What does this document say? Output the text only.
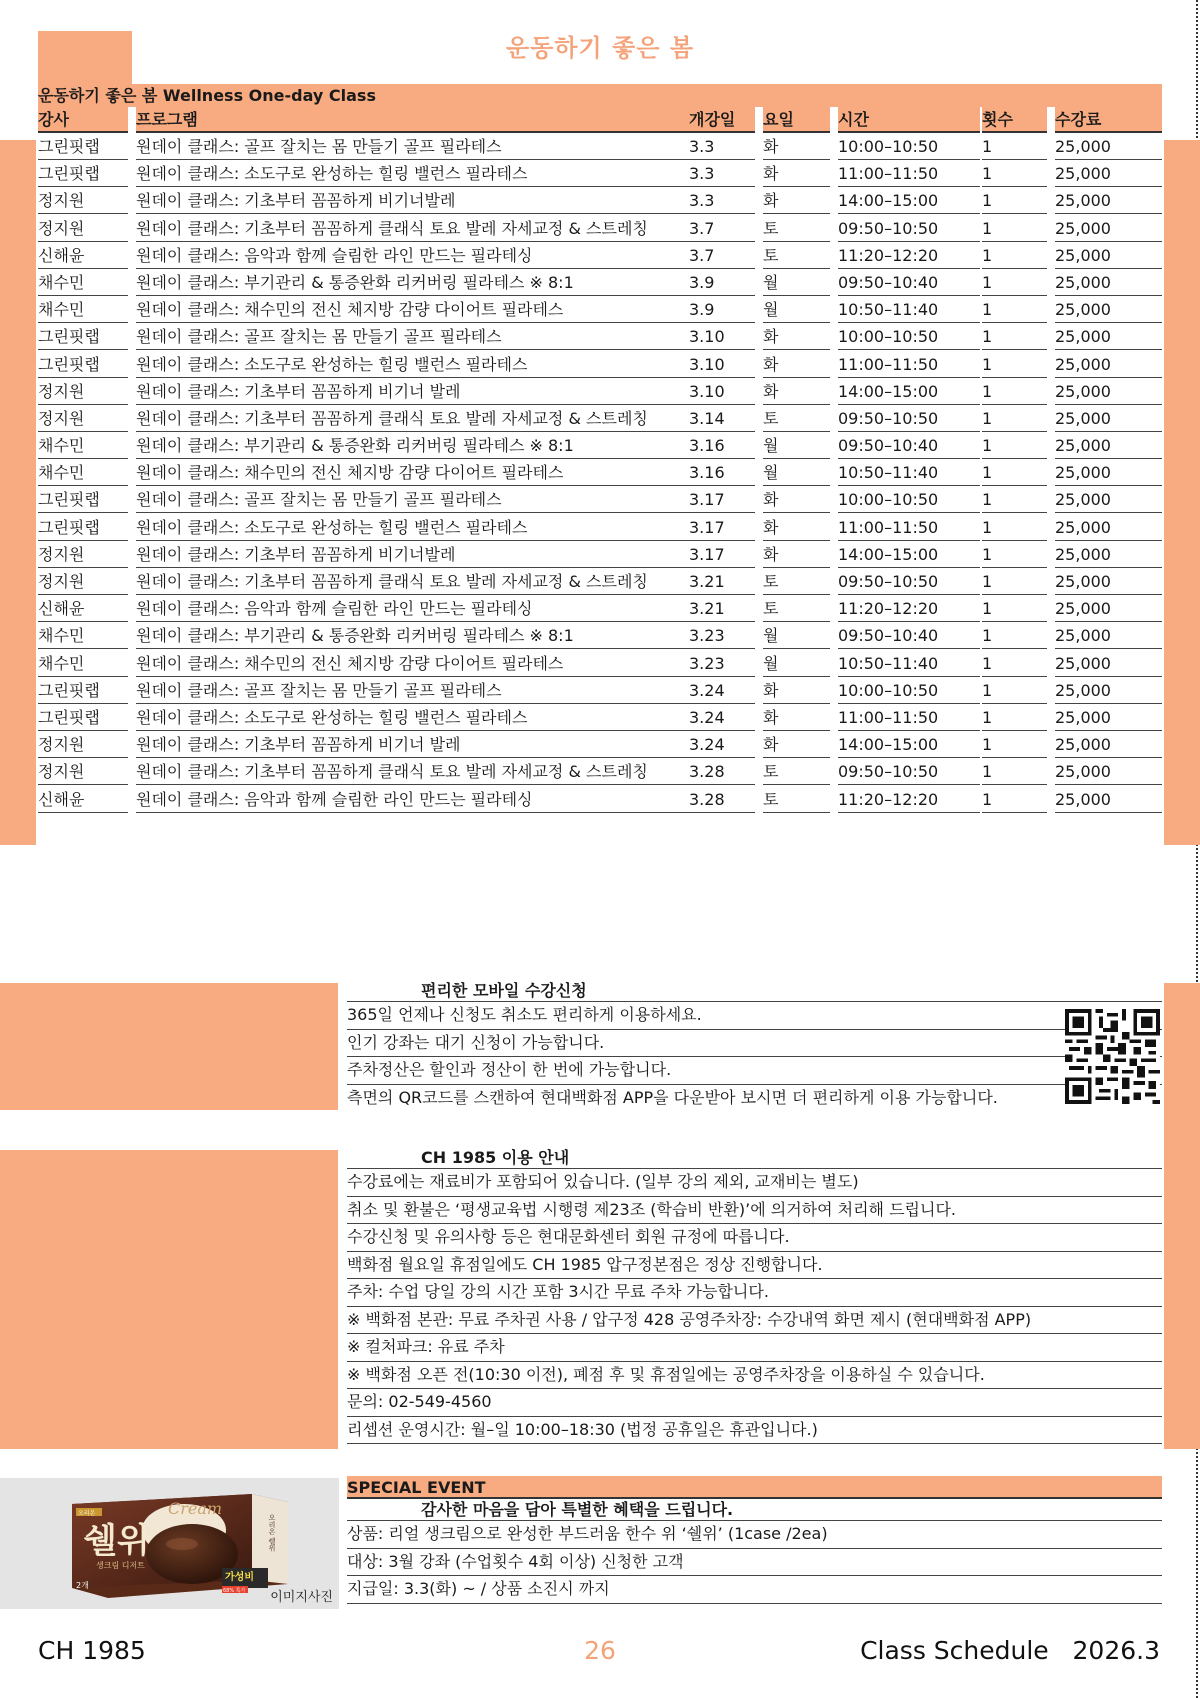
운동하기 좋은 봄
운동하기 좋은 봄 Wellness One-day Class
강사	프로그램	개강일	요일	시간	횟수	수강료
그린핏랩	원데이 클래스: 골프 잘치는 몸 만들기 골프 필라테스	3.3	화	10:00–10:50	1	25,000
그린핏랩	원데이 클래스: 소도구로 완성하는 힐링 밸런스 필라테스	3.3	화	11:00–11:50	1	25,000
정지원	원데이 클래스: 기초부터 꼼꼼하게 비기너발레	3.3	화	14:00–15:00	1	25,000
정지원	원데이 클래스: 기초부터 꼼꼼하게 클래식 토요 발레 자세교정 & 스트레칭	3.7	토	09:50–10:50	1	25,000
신해윤	원데이 클래스: 음악과 함께 슬림한 라인 만드는 필라테싱	3.7	토	11:20–12:20	1	25,000
채수민	원데이 클래스: 부기관리 & 통증완화 리커버링 필라테스 ※ 8:1	3.9	월	09:50–10:40	1	25,000
채수민	원데이 클래스: 채수민의 전신 체지방 감량 다이어트 필라테스	3.9	월	10:50–11:40	1	25,000
그린핏랩	원데이 클래스: 골프 잘치는 몸 만들기 골프 필라테스	3.10	화	10:00–10:50	1	25,000
그린핏랩	원데이 클래스: 소도구로 완성하는 힐링 밸런스 필라테스	3.10	화	11:00–11:50	1	25,000
정지원	원데이 클래스: 기초부터 꼼꼼하게 비기너 발레	3.10	화	14:00–15:00	1	25,000
정지원	원데이 클래스: 기초부터 꼼꼼하게 클래식 토요 발레 자세교정 & 스트레칭	3.14	토	09:50–10:50	1	25,000
채수민	원데이 클래스: 부기관리 & 통증완화 리커버링 필라테스 ※ 8:1	3.16	월	09:50–10:40	1	25,000
채수민	원데이 클래스: 채수민의 전신 체지방 감량 다이어트 필라테스	3.16	월	10:50–11:40	1	25,000
그린핏랩	원데이 클래스: 골프 잘치는 몸 만들기 골프 필라테스	3.17	화	10:00–10:50	1	25,000
그린핏랩	원데이 클래스: 소도구로 완성하는 힐링 밸런스 필라테스	3.17	화	11:00–11:50	1	25,000
정지원	원데이 클래스: 기초부터 꼼꼼하게 비기너발레	3.17	화	14:00–15:00	1	25,000
정지원	원데이 클래스: 기초부터 꼼꼼하게 클래식 토요 발레 자세교정 & 스트레칭	3.21	토	09:50–10:50	1	25,000
신해윤	원데이 클래스: 음악과 함께 슬림한 라인 만드는 필라테싱	3.21	토	11:20–12:20	1	25,000
채수민	원데이 클래스: 부기관리 & 통증완화 리커버링 필라테스 ※ 8:1	3.23	월	09:50–10:40	1	25,000
채수민	원데이 클래스: 채수민의 전신 체지방 감량 다이어트 필라테스	3.23	월	10:50–11:40	1	25,000
그린핏랩	원데이 클래스: 골프 잘치는 몸 만들기 골프 필라테스	3.24	화	10:00–10:50	1	25,000
그린핏랩	원데이 클래스: 소도구로 완성하는 힐링 밸런스 필라테스	3.24	화	11:00–11:50	1	25,000
정지원	원데이 클래스: 기초부터 꼼꼼하게 비기너 발레	3.24	화	14:00–15:00	1	25,000
정지원	원데이 클래스: 기초부터 꼼꼼하게 클래식 토요 발레 자세교정 & 스트레칭	3.28	토	09:50–10:50	1	25,000
신해윤	원데이 클래스: 음악과 함께 슬림한 라인 만드는 필라테싱	3.28	토	11:20–12:20	1	25,000
편리한 모바일 수강신청
365일 언제나 신청도 취소도 편리하게 이용하세요.
인기 강좌는 대기 신청이 가능합니다.
주차정산은 할인과 정산이 한 번에 가능합니다.
측면의 QR코드를 스캔하여 현대백화점 APP을 다운받아 보시면 더 편리하게 이용 가능합니다.
CH 1985 이용 안내
수강료에는 재료비가 포함되어 있습니다. (일부 강의 제외, 교재비는 별도)
취소 및 환불은 ‘평생교육법 시행령 제23조 (학습비 반환)’에 의거하여 처리해 드립니다.
수강신청 및 유의사항 등은 현대문화센터 회원 규정에 따릅니다.
백화점 월요일 휴점일에도 CH 1985 압구정본점은 정상 진행합니다.
주차: 수업 당일 강의 시간 포함 3시간 무료 주차 가능합니다.
※ 백화점 본관: 무료 주차권 사용 / 압구정 428 공영주차장: 수강내역 화면 제시 (현대백화점 APP)
※ 컬처파크: 유료 주차
※ 백화점 오픈 전(10:30 이전), 폐점 후 및 휴점일에는 공영주차장을 이용하실 수 있습니다.
문의: 02-549-4560
리셉션 운영시간: 월–일 10:00–18:30 (법정 공휴일은 휴관입니다.)
SPECIAL EVENT
감사한 마음을 담아 특별한 혜택을 드립니다.
상품: 리얼 생크림으로 완성한 부드러움 한수 위 ‘쉘위’ (1case /2ea)
대상: 3월 강좌 (수업횟수 4회 이상) 신청한 고객
지급일: 3.3(화) ~ / 상품 소진시 까지
오리온
쉘위
생크림 디저트
Cream
2개
가성비
68% 특가
오리온 쉘위
이미지사진
CH 1985	26	Class Schedule   2026.3
